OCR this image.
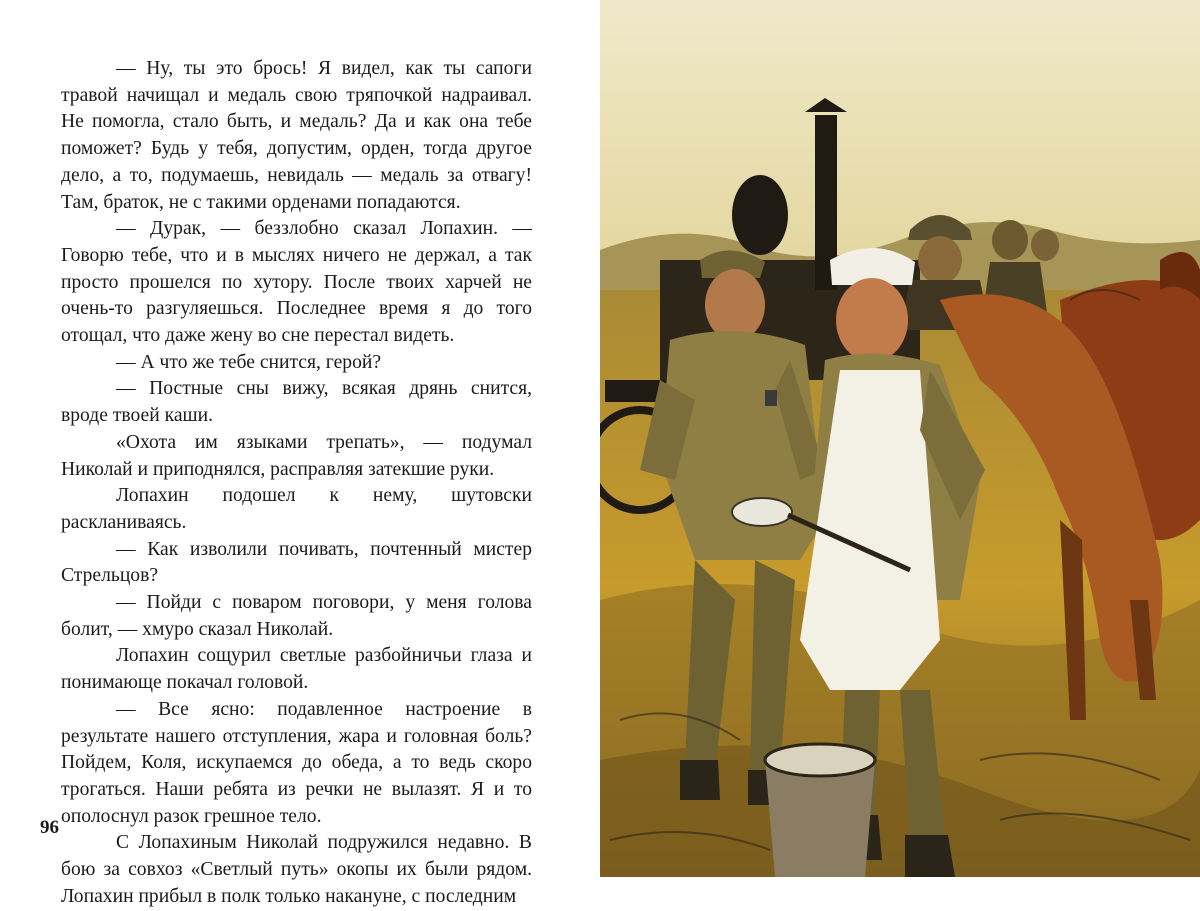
— Ну, ты это брось! Я видел, как ты сапоги травой начищал и медаль свою тряпочкой надраивал. Не помогла, стало быть, и медаль? Да и как она тебе поможет? Будь у тебя, допустим, орден, тогда другое дело, а то, подумаешь, невидаль — медаль за отвагу! Там, браток, не с такими орденами попадаются.

— Дурак, — беззлобно сказал Лопахин. — Говорю тебе, что и в мыслях ничего не держал, а так просто прошелся по хутору. После твоих харчей не очень-то разгуляешься. Последнее время я до того отощал, что даже жену во сне перестал видеть.

— А что же тебе снится, герой?

— Постные сны вижу, всякая дрянь снится, вроде твоей каши.

«Охота им языками трепать», — подумал Николай и приподнялся, расправляя затекшие руки.

Лопахин подошел к нему, шутовски раскланиваясь.

— Как изволили почивать, почтенный мистер Стрельцов?

— Пойди с поваром поговори, у меня голова болит, — хмуро сказал Николай.

Лопахин сощурил светлые разбойничьи глаза и понимающе покачал головой.

— Все ясно: подавленное настроение в результате нашего отступления, жара и головная боль? Пойдем, Коля, искупаемся до обеда, а то ведь скоро трогаться. Наши ребята из речки не вылазят. Я и то ополоснул разок грешное тело.

С Лопахиным Николай подружился недавно. В бою за совхоз «Светлый путь» окопы их были рядом. Лопахин прибыл в полк только накануне, с последним

96
